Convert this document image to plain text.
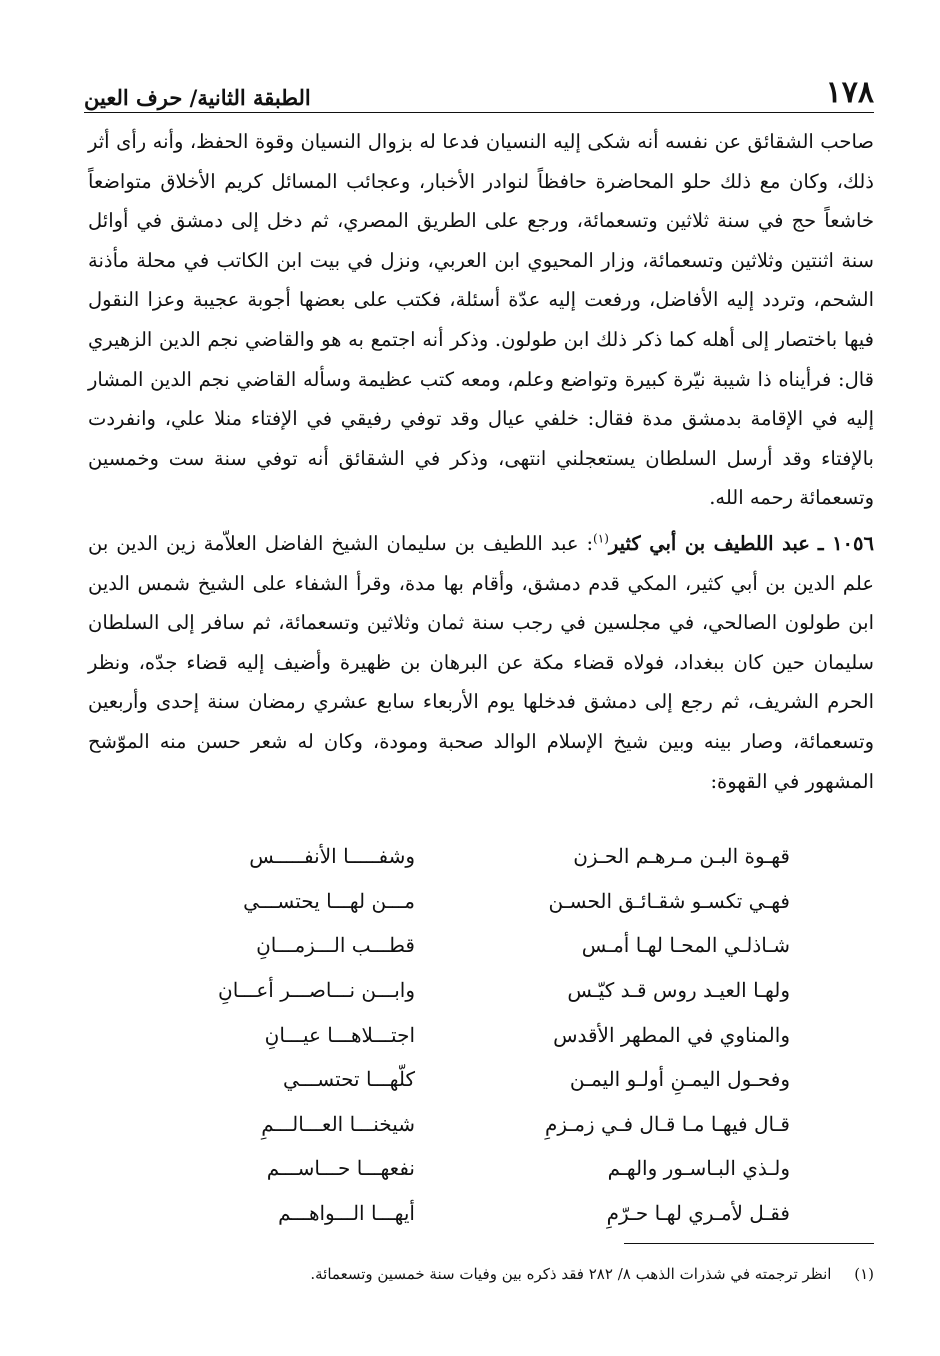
١٧٨
الطبقة الثانية/ حرف العين

صاحب الشقائق عن نفسه أنه شكى إليه النسيان فدعا له بزوال النسيان وقوة الحفظ، وأنه رأى أثر ذلك، وكان مع ذلك حلو المحاضرة حافظاً لنوادر الأخبار، وعجائب المسائل كريم الأخلاق متواضعاً خاشعاً حج في سنة ثلاثين وتسعمائة، ورجع على الطريق المصري، ثم دخل إلى دمشق في أوائل سنة اثنتين وثلاثين وتسعمائة، وزار المحيوي ابن العربي، ونزل في بيت ابن الكاتب في محلة مأذنة الشحم، وتردد إليه الأفاضل، ورفعت إليه عدّة أسئلة، فكتب على بعضها أجوبة عجيبة وعزا النقول فيها باختصار إلى أهله كما ذكر ذلك ابن طولون. وذكر أنه اجتمع به هو والقاضي نجم الدين الزهيري قال: فرأيناه ذا شيبة نيّرة كبيرة وتواضع وعلم، ومعه كتب عظيمة وسأله القاضي نجم الدين المشار إليه في الإقامة بدمشق مدة فقال: خلفي عيال وقد توفي رفيقي في الإفتاء منلا علي، وانفردت بالإفتاء وقد أرسل السلطان يستعجلني انتهى، وذكر في الشقائق أنه توفي سنة ست وخمسين وتسعمائة رحمه الله.

١٠٥٦ ـ عبد اللطيف بن أبي كثير$^{(١)}$: عبد اللطيف بن سليمان الشيخ الفاضل العلاّمة زين الدين بن علم الدين بن أبي كثير، المكي قدم دمشق، وأقام بها مدة، وقرأ الشفاء على الشيخ شمس الدين ابن طولون الصالحي، في مجلسين في رجب سنة ثمان وثلاثين وتسعمائة، ثم سافر إلى السلطان سليمان حين كان ببغداد، فولاه قضاء مكة عن البرهان بن ظهيرة وأضيف إليه قضاء جدّه، ونظر الحرم الشريف، ثم رجع إلى دمشق فدخلها يوم الأربعاء سابع عشري رمضان سنة إحدى وأربعين وتسعمائة، وصار بينه وبين شيخ الإسلام الوالد صحبة ومودة، وكان له شعر حسن منه الموّشح المشهور في القهوة:

قهـوة البـن مـرهـم الحـزن
وشفـــــا الأنفـــــس
فهـي تكسـو شقـائـق الحسـن
مـــن لهـــا يحتســـي
شـاذلـي المحـا لهـا أمـس
قطـــب الـــزمـــانِ
ولهـا العيـد روس قـد كيّـس
وابـــن نـــاصـــر أعـــانِ
والمناوي في المطهر الأقدس
اجتـــلاهـــا عيـــانِ
وفحـول اليمـنِ أولـو اليمـن
كلّهـــا تحتســـي
قـال فيهـا مـا قـال فـي زمـزمِ
شيخنـــا العـــالـــمِ
ولـذي البـاسـور والهـم
نفعهـــا حـــاســـم
فقـل لأمـري لهـا حـرّمِ
أيهـــا الـــواهـــم
(١) انظر ترجمته في شذرات الذهب ٨/ ٢٨٢ فقد ذكره بين وفيات سنة خمسين وتسعمائة.
